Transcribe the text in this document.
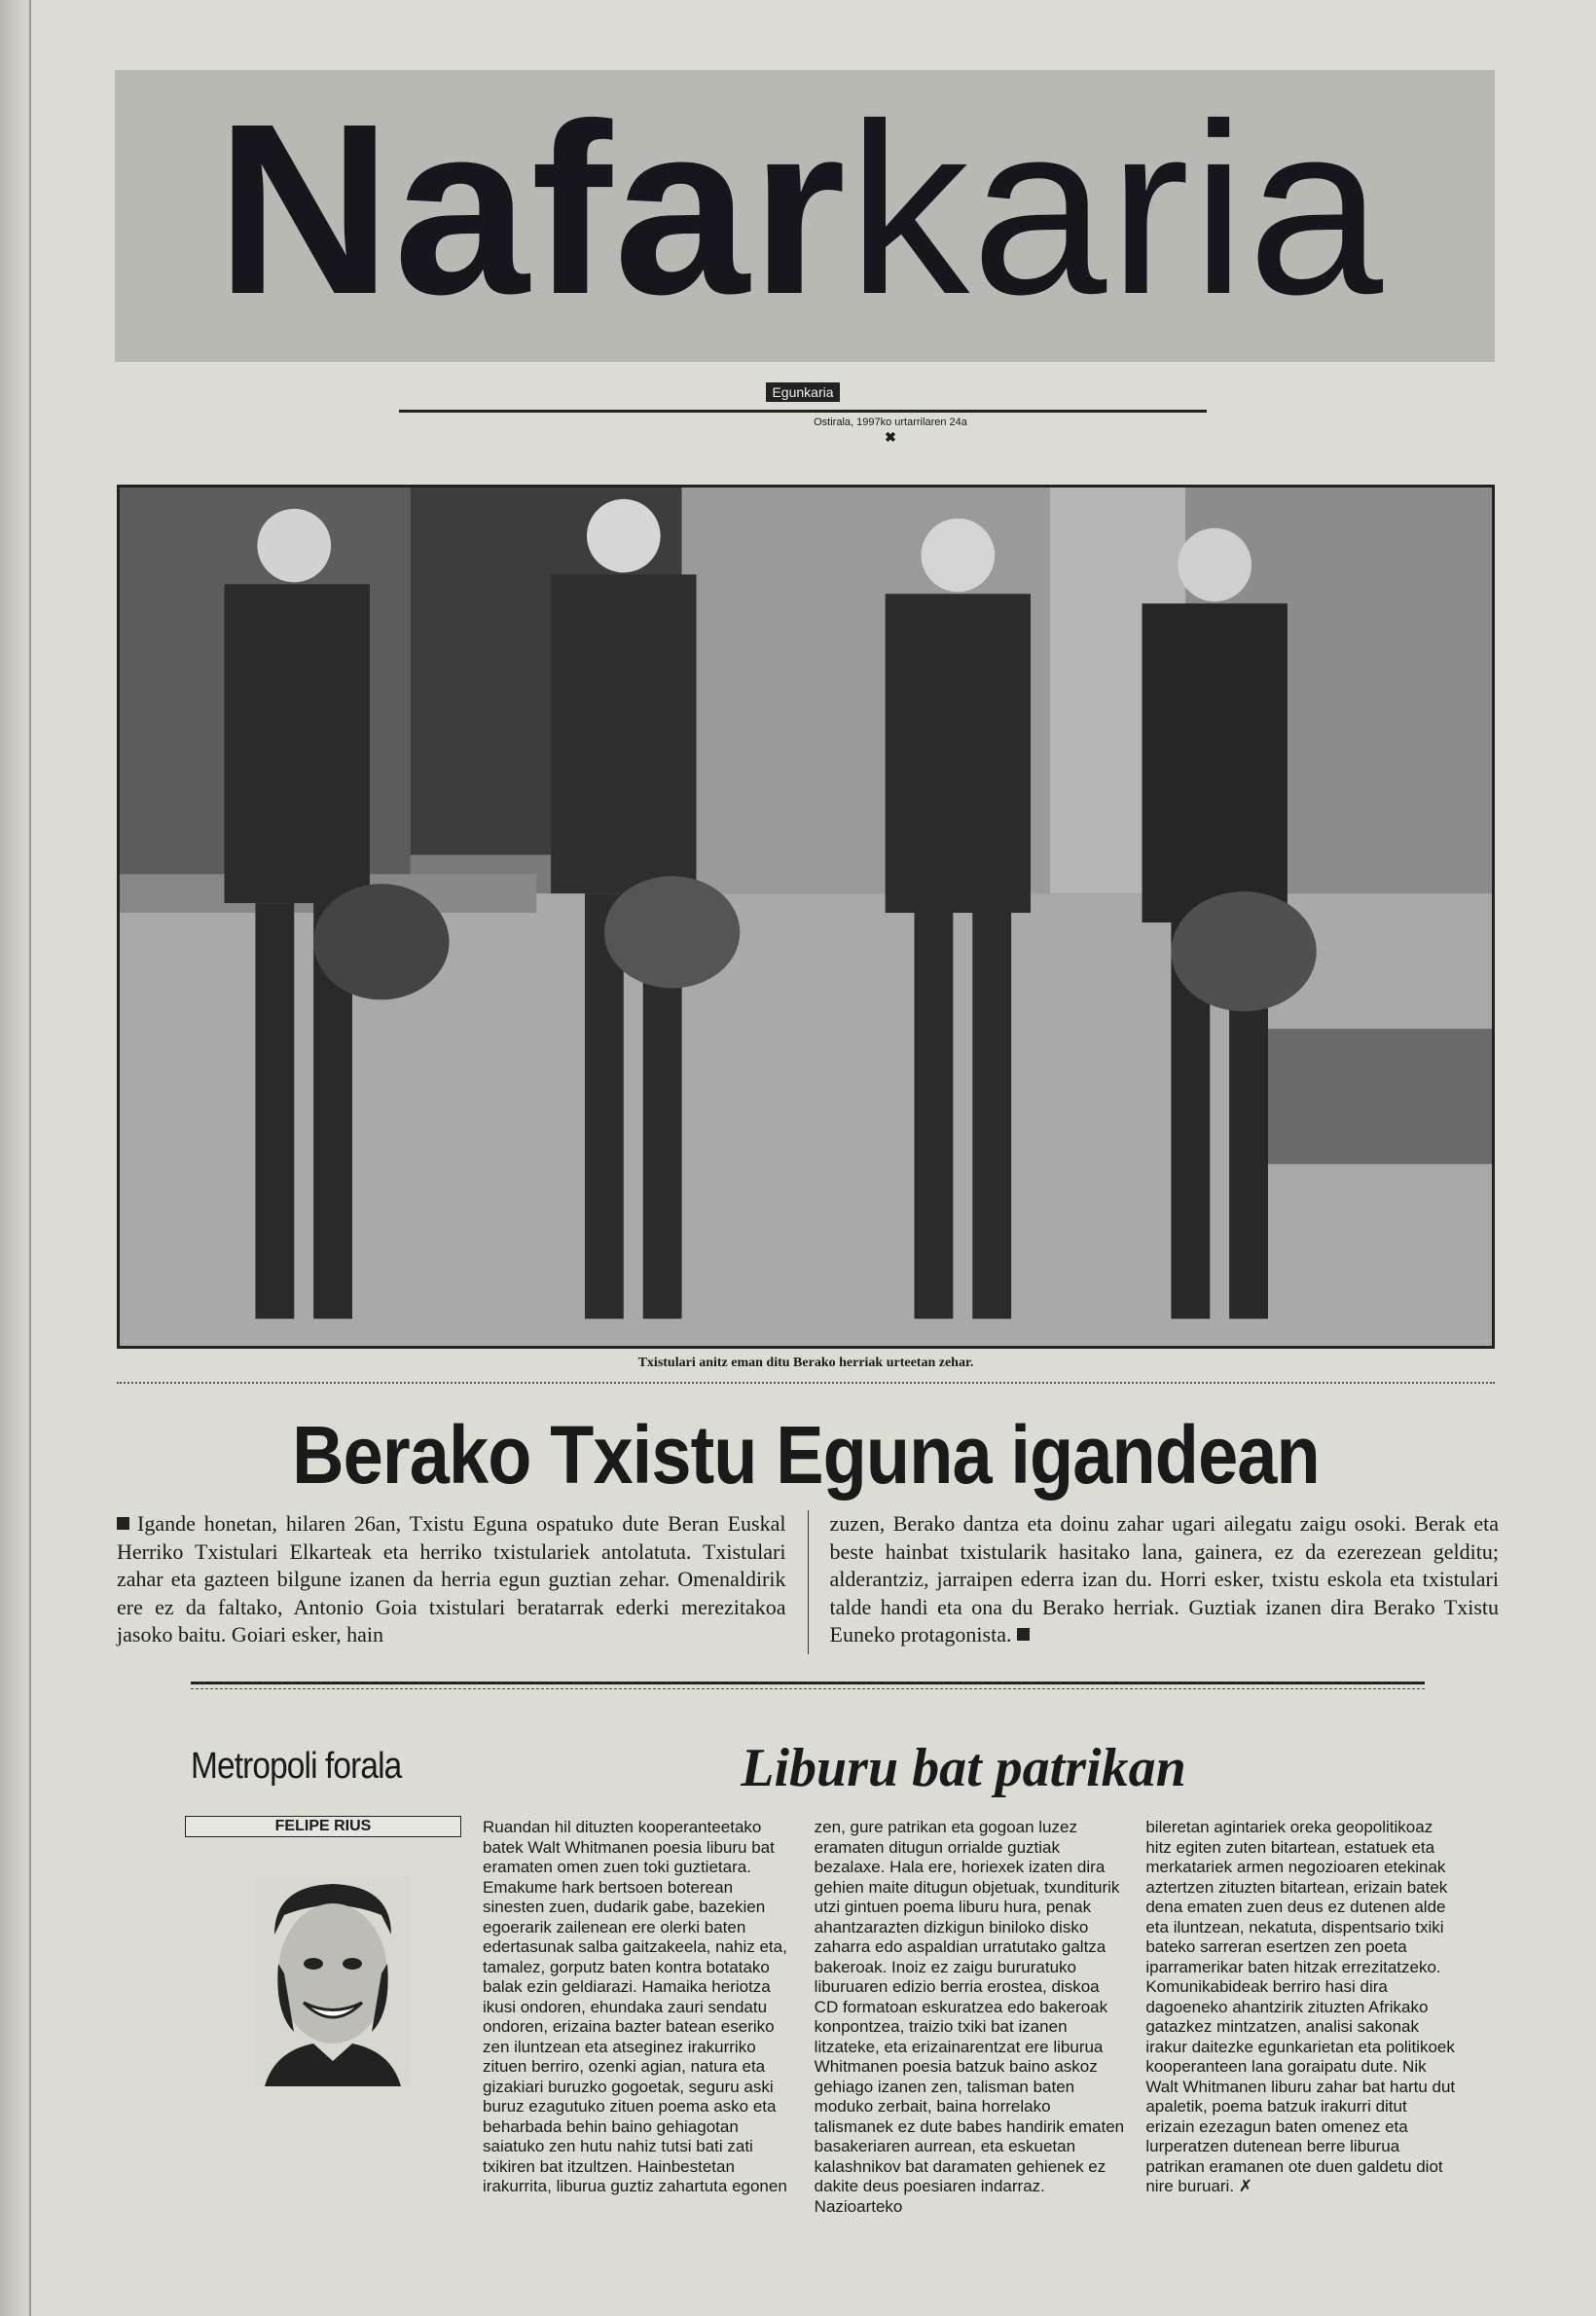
Nafarkaria
Egunkaria
Ostirala, 1997ko urtarrilaren 24a
✖
Txistulari anitz eman ditu Berako herriak urteetan zehar.
Berako Txistu Eguna igandean
Igande honetan, hilaren 26an, Txistu Eguna ospatuko dute Beran Euskal Herriko Txistulari Elkarteak eta herriko txistulariek antolatuta. Txistulari zahar eta gazteen bilgune izanen da herria egun guztian zehar. Omenaldirik ere ez da faltako, Antonio Goia txistulari beratarrak ederki merezitakoa jasoko baitu. Goiari esker, hain
zuzen, Berako dantza eta doinu zahar ugari ailegatu zaigu osoki. Berak eta beste hainbat txistularik hasitako lana, gainera, ez da ezerezean gelditu; alderantziz, jarraipen ederra izan du. Horri esker, txistu eskola eta txistulari talde handi eta ona du Berako herriak. Guztiak izanen dira Berako Txistu Euneko protagonista.
Metropoli forala
FELIPE RIUS
Liburu bat patrikan
Ruandan hil dituzten kooperanteetako batek Walt Whitmanen poesia liburu bat eramaten omen zuen toki guztietara. Emakume hark bertsoen boterean sinesten zuen, dudarik gabe, bazekien egoerarik zailenean ere olerki baten edertasunak salba gaitzakeela, nahiz eta, tamalez, gorputz baten kontra botatako balak ezin geldiarazi. Hamaika heriotza ikusi ondoren, ehundaka zauri sendatu ondoren, erizaina bazter batean eseriko zen iluntzean eta atseginez irakurriko zituen berriro, ozenki agian, natura eta gizakiari buruzko gogoetak, seguru aski buruz ezagutuko zituen poema asko eta beharbada behin baino gehiagotan saiatuko zen hutu nahiz tutsi bati zati txikiren bat itzultzen. Hainbestetan irakurrita, liburua guztiz zahartuta egonen
zen, gure patrikan eta gogoan luzez eramaten ditugun orrialde guztiak bezalaxe. Hala ere, horiexek izaten dira gehien maite ditugun objetuak, txunditurik utzi gintuen poema liburu hura, penak ahantzarazten dizkigun biniloko disko zaharra edo aspaldian urratutako galtza bakeroak. Inoiz ez zaigu bururatuko liburuaren edizio berria erostea, diskoa CD formatoan eskuratzea edo bakeroak konpontzea, traizio txiki bat izanen litzateke, eta erizainarentzat ere liburua Whitmanen poesia batzuk baino askoz gehiago izanen zen, talisman baten moduko zerbait, baina horrelako talismanek ez dute babes handirik ematen basakeriaren aurrean, eta eskuetan kalashnikov bat daramaten gehienek ez dakite deus poesiaren indarraz. Nazioarteko
bileretan agintariek oreka geopolitikoaz hitz egiten zuten bitartean, estatuek eta merkatariek armen negozioaren etekinak aztertzen zituzten bitartean, erizain batek dena ematen zuen deus ez dutenen alde eta iluntzean, nekatuta, dispentsario txiki bateko sarreran esertzen zen poeta iparramerikar baten hitzak errezitatzeko. Komunikabideak berriro hasi dira dagoeneko ahantzirik zituzten Afrikako gatazkez mintzatzen, analisi sakonak irakur daitezke egunkarietan eta politikoek kooperanteen lana goraipatu dute. Nik Walt Whitmanen liburu zahar bat hartu dut apaletik, poema batzuk irakurri ditut erizain ezezagun baten omenez eta lurperatzen dutenean berre liburua patrikan eramanen ote duen galdetu diot nire buruari. ✗
